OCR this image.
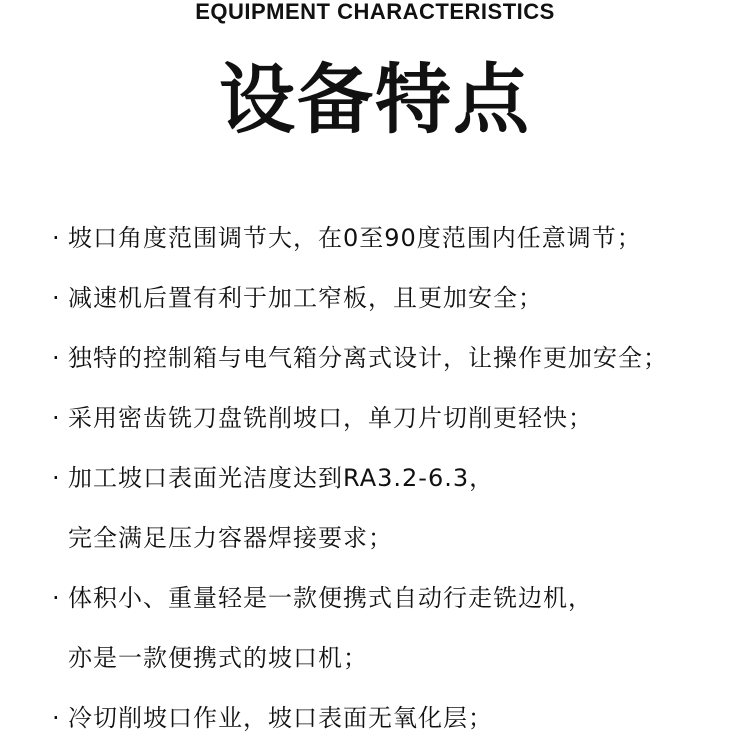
EQUIPMENT CHARACTERISTICS
设备特点
· 坡口角度范围调节大，在0至90度范围内任意调节；
· 减速机后置有利于加工窄板，且更加安全；
· 独特的控制箱与电气箱分离式设计，让操作更加安全；
· 采用密齿铣刀盘铣削坡口，单刀片切削更轻快；
· 加工坡口表面光洁度达到RA3.2-6.3，
完全满足压力容器焊接要求；
· 体积小、重量轻是一款便携式自动行走铣边机，
亦是一款便携式的坡口机；
· 冷切削坡口作业，坡口表面无氧化层；
